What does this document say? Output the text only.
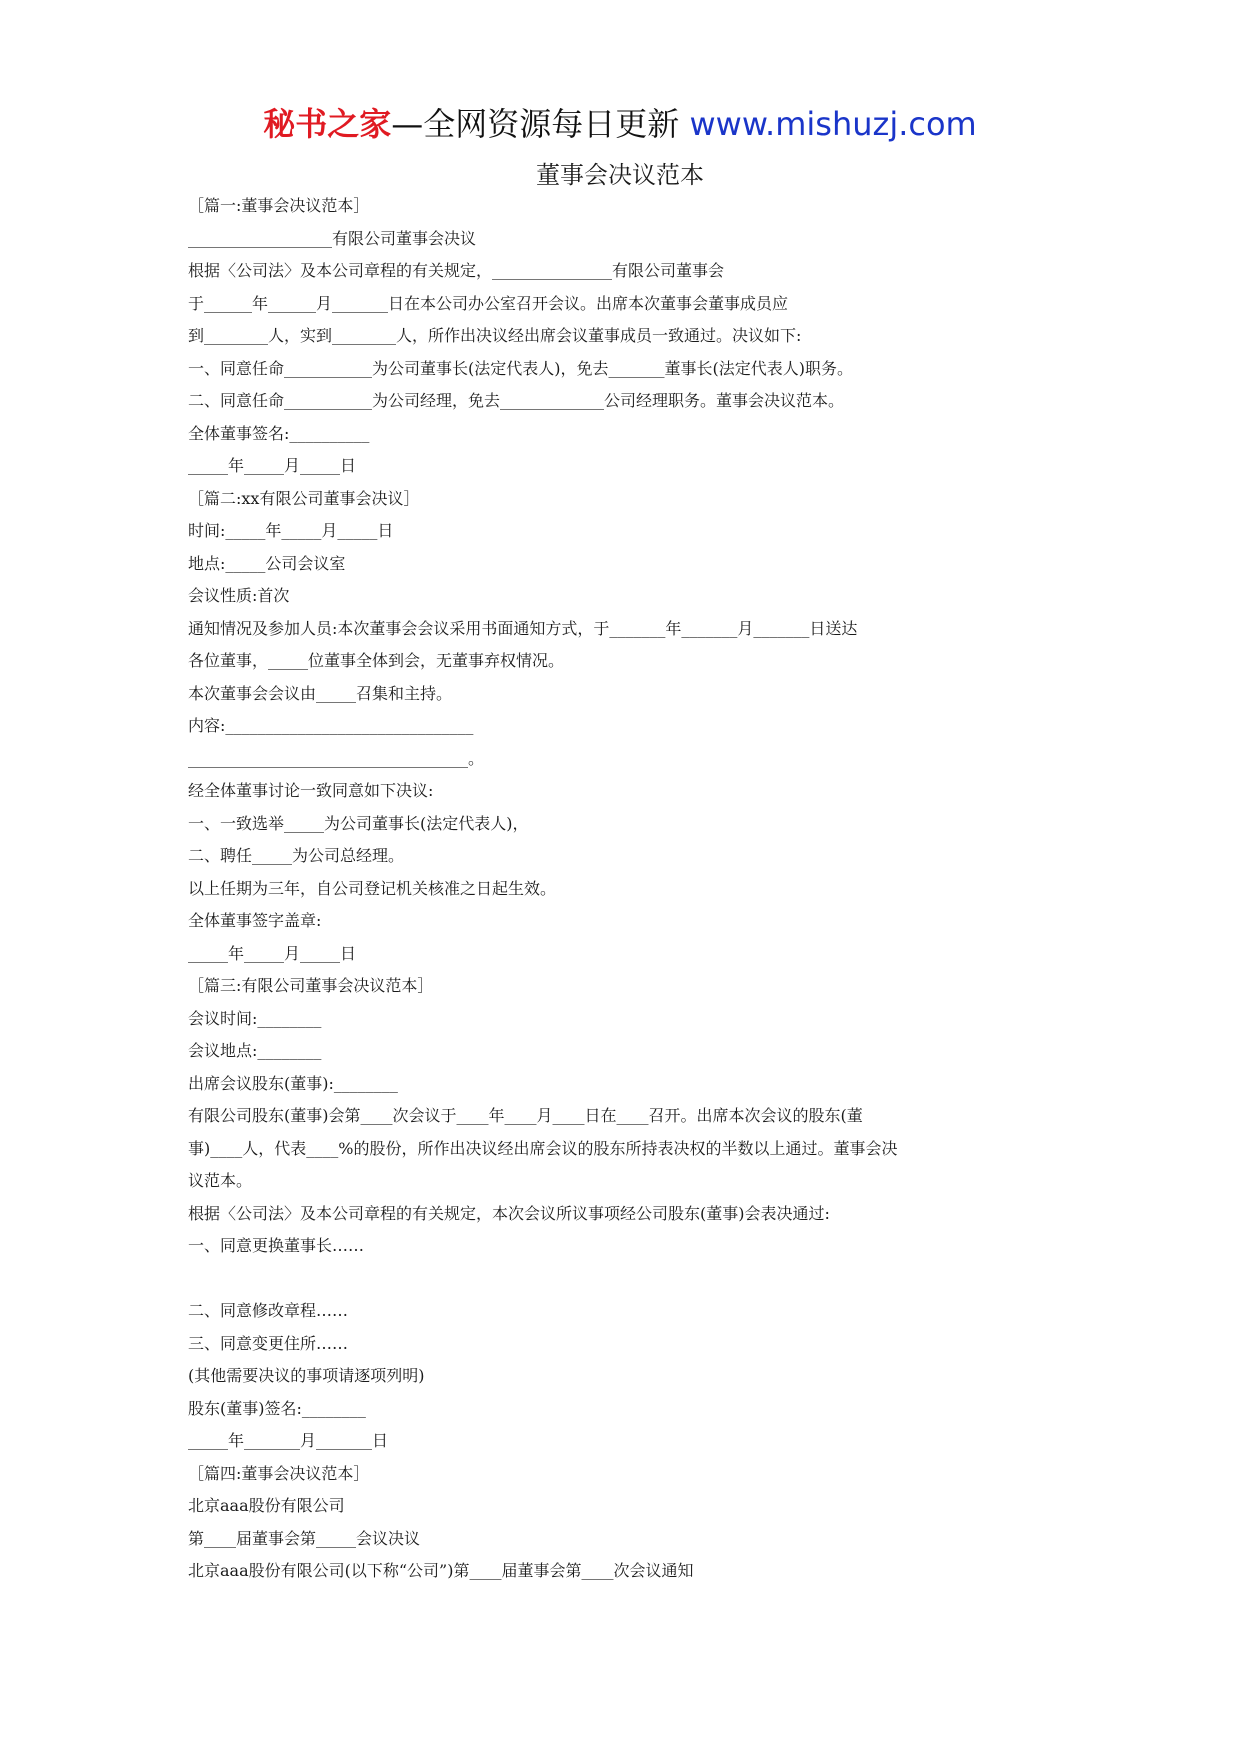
秘书之家—全网资源每日更新 www.mishuzj.com
董事会决议范本
［篇一:董事会决议范本］
__________________有限公司董事会决议
根据〈公司法〉及本公司章程的有关规定，_______________有限公司董事会
于______年______月_______日在本公司办公室召开会议。出席本次董事会董事成员应
到________人，实到________人，所作出决议经出席会议董事成员一致通过。决议如下:
一、同意任命___________为公司董事长(法定代表人)，免去_______董事长(法定代表人)职务。
二、同意任命___________为公司经理，免去_____________公司经理职务。董事会决议范本。
全体董事签名:__________
_____年_____月_____日
［篇二:xx有限公司董事会决议］
时间:_____年_____月_____日
地点:_____公司会议室
会议性质:首次
通知情况及参加人员:本次董事会会议采用书面通知方式，于_______年_______月_______日送达
各位董事，_____位董事全体到会，无董事弃权情况。
本次董事会会议由_____召集和主持。
内容:_______________________________
___________________________________。
经全体董事讨论一致同意如下决议:
一、一致选举_____为公司董事长(法定代表人)，
二、聘任_____为公司总经理。
以上任期为三年，自公司登记机关核准之日起生效。
全体董事签字盖章:
_____年_____月_____日
［篇三:有限公司董事会决议范本］
会议时间:________
会议地点:________
出席会议股东(董事):________
有限公司股东(董事)会第____次会议于____年____月____日在____召开。出席本次会议的股东(董
事)____人，代表____%的股份，所作出决议经出席会议的股东所持表决权的半数以上通过。董事会决
议范本。
根据〈公司法〉及本公司章程的有关规定，本次会议所议事项经公司股东(董事)会表决通过:
一、同意更换董事长……
二、同意修改章程……
三、同意变更住所……
(其他需要决议的事项请逐项列明)
股东(董事)签名:________
_____年_______月_______日
［篇四:董事会决议范本］
北京aaa股份有限公司
第____届董事会第_____会议决议
北京aaa股份有限公司(以下称“公司”)第____届董事会第____次会议通知
